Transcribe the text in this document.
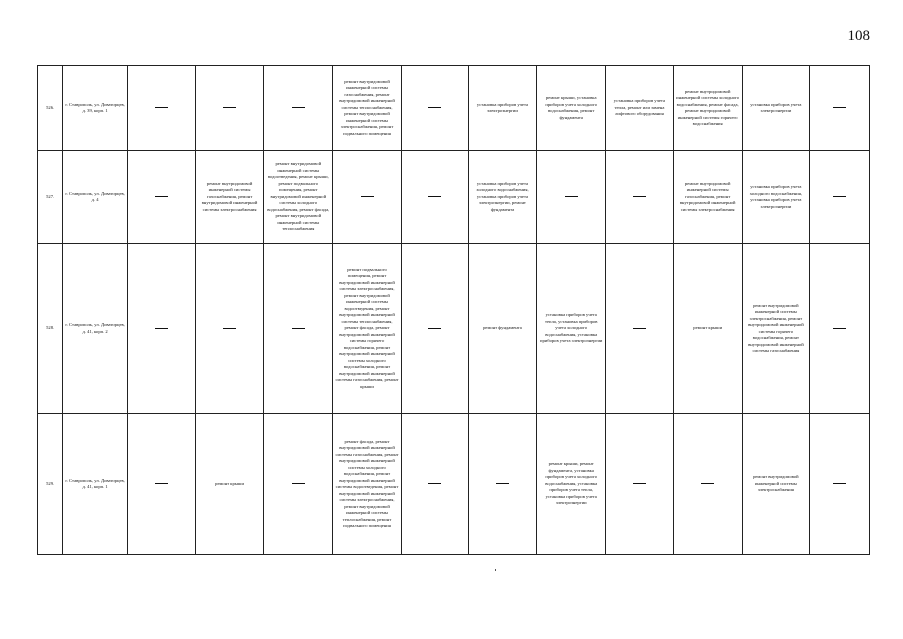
108
526.	г. Ставрополь, ул. Доваторцев, д. 39, корп. 1				ремонт внутридомовой инженерной системы газоснабжения, ремонт внутридомовой инженерной системы теплоснабжения, ремонт внутридомовой инженерной системы электроснабжения, ремонт подвального помещения		установка приборов учета электроэнергии	ремонт крыши, установка приборов учета холодного водоснабжения, ремонт фундамента	установка приборов учета тепла, ремонт или замена лифтового оборудования	ремонт внутридомовой инженерной системы холодного водоснабжения, ремонт фасада, ремонт внутридомовой инженерной системы горячего водоснабжения	установка приборов учета электроэнергии	
527.	г. Ставрополь, ул. Доваторцев, д. 4		ремонт внутридомовой инженерной системы газоснабжения, ремонт внутридомовой инженерной системы электроснабжения	ремонт внутридомовой инженерной системы водоотведения, ремонт крыши, ремонт подвального помещения, ремонт внутридомовой инженерной системы холодного водоснабжения, ремонт фасада, ремонт внутридомовой инженерной системы теплоснабжения			установка приборов учета холодного водоснабжения, установка приборов учета электроэнергии, ремонт фундамента			ремонт внутридомовой инженерной системы газоснабжения, ремонт внутридомовой инженерной системы электроснабжения	установка приборов учета холодного водоснабжения, установка приборов учета электроэнергии	
528.	г. Ставрополь, ул. Доваторцев, д. 41, корп. 2				ремонт подвального помещения, ремонт внутридомовой инженерной системы электроснабжения, ремонт внутридомовой инженерной системы водоотведения, ремонт внутридомовой инженерной системы теплоснабжения, ремонт фасада, ремонт внутридомовой инженерной системы горячего водоснабжения, ремонт внутридомовой инженерной системы холодного водоснабжения, ремонт внутридомовой инженерной системы газоснабжения, ремонт крыши		ремонт фундамента	установка приборов учета тепла, установка приборов учета холодного водоснабжения, установка приборов учета электроэнергии		ремонт крыши	ремонт внутридомовой инженерной системы электроснабжения, ремонт внутридомовой инженерной системы горячего водоснабжения, ремонт внутридомовой инженерной системы газоснабжения	
529.	г. Ставрополь, ул. Доваторцев, д. 41, корп. 1		ремонт крыши		ремонт фасада, ремонт внутридомовой инженерной системы газоснабжения, ремонт внутридомовой инженерной системы холодного водоснабжения, ремонт внутридомовой инженерной системы водоотведения, ремонт внутридомовой инженерной системы электроснабжения, ремонт внутридомовой инженерной системы теплоснабжения, ремонт подвального помещения			ремонт крыши, ремонт фундамента, установка приборов учета холодного водоснабжения, установка приборов учета тепла, установка приборов учета электроэнергии			ремонт внутридомовой инженерной системы электроснабжения	
